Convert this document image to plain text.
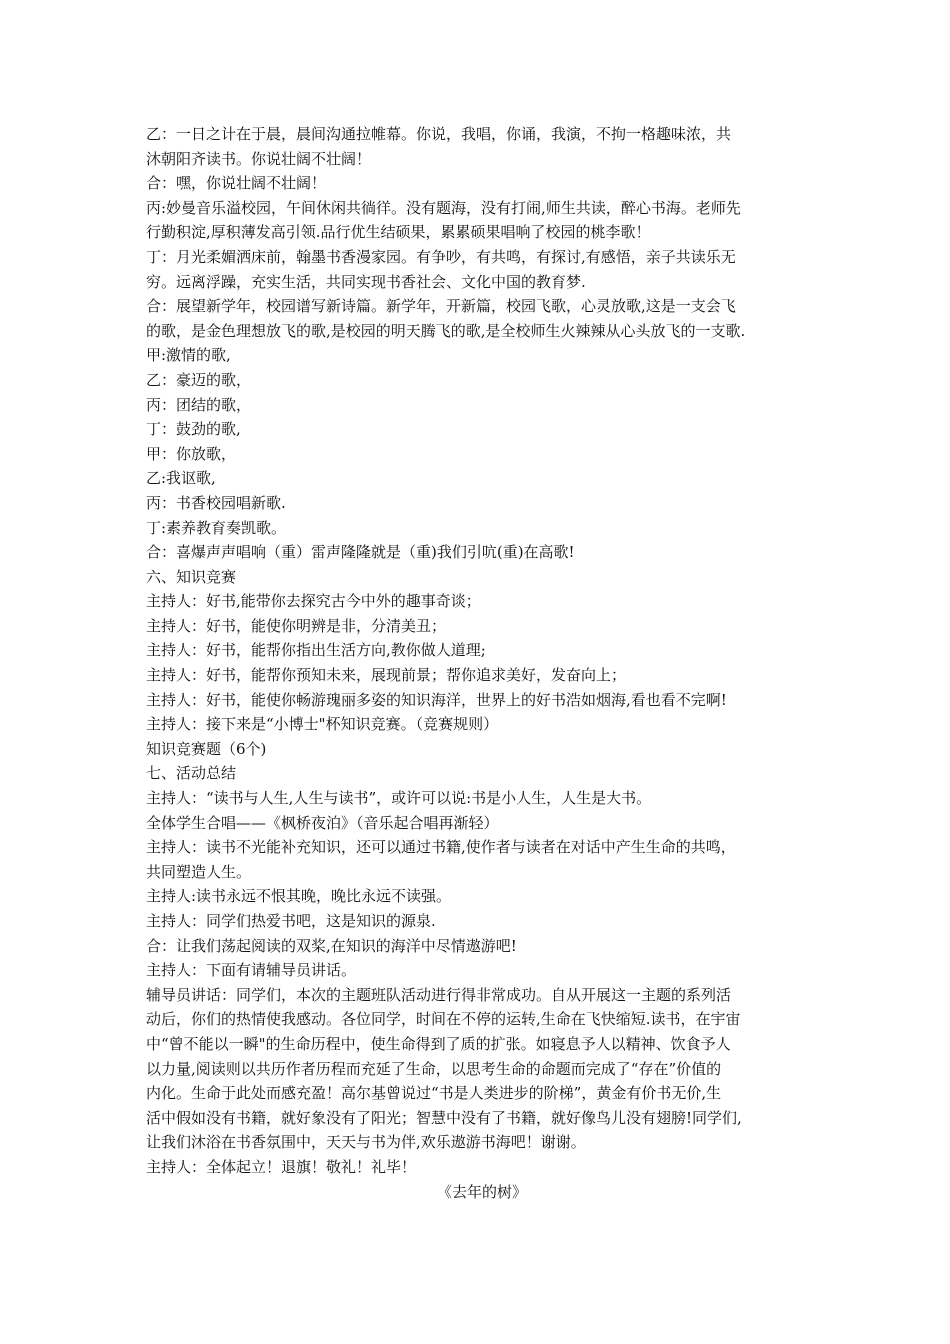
乙：一日之计在于晨，晨间沟通拉帷幕。你说，我唱，你诵，我演，不拘一格趣味浓，共

沐朝阳齐读书。你说壮阔不壮阔！

合：嘿，你说壮阔不壮阔！

丙:妙曼音乐溢校园，午间休闲共徜徉。没有题海，没有打闹,师生共读，醉心书海。老师先

行勤积淀,厚积薄发高引领.品行优生结硕果，累累硕果唱响了校园的桃李歌！

丁：月光柔媚洒床前，翰墨书香漫家园。有争吵，有共鸣，有探讨,有感悟，亲子共读乐无

穷。远离浮躁，充实生活，共同实现书香社会、文化中国的教育梦.

合：展望新学年，校园谱写新诗篇。新学年，开新篇，校园飞歌，心灵放歌,这是一支会飞

的歌，是金色理想放飞的歌,是校园的明天腾飞的歌,是全校师生火辣辣从心头放飞的一支歌.

甲:激情的歌,

乙：豪迈的歌，

丙：团结的歌，

丁：鼓劲的歌,

甲：你放歌，

乙:我讴歌,

丙：书香校园唱新歌.

丁:素养教育奏凯歌。

合：喜爆声声唱响（重）雷声隆隆就是（重)我们引吭(重)在高歌!

六、知识竞赛

主持人：好书,能带你去探究古今中外的趣事奇谈；

主持人：好书，能使你明辨是非，分清美丑；

主持人：好书，能帮你指出生活方向,教你做人道理;

主持人：好书，能帮你预知未来，展现前景；帮你追求美好，发奋向上；

主持人：好书，能使你畅游瑰丽多姿的知识海洋，世界上的好书浩如烟海,看也看不完啊!

主持人：接下来是“小博士"杯知识竞赛。（竞赛规则）

知识竞赛题（6个)

七、活动总结

主持人：“读书与人生,人生与读书”，或许可以说:书是小人生，人生是大书。

全体学生合唱——《枫桥夜泊》（音乐起合唱再渐轻）

主持人：读书不光能补充知识，还可以通过书籍,使作者与读者在对话中产生生命的共鸣，

共同塑造人生。

主持人:读书永远不恨其晚，晚比永远不读强。

主持人：同学们热爱书吧，这是知识的源泉.

合：让我们荡起阅读的双桨,在知识的海洋中尽情遨游吧!

主持人：下面有请辅导员讲话。

辅导员讲话：同学们，本次的主题班队活动进行得非常成功。自从开展这一主题的系列活

动后，你们的热情使我感动。各位同学，时间在不停的运转,生命在飞快缩短.读书，在宇宙

中“曾不能以一瞬"的生命历程中，使生命得到了质的扩张。如寝息予人以精神、饮食予人

以力量,阅读则以共历作者历程而充延了生命，以思考生命的命题而完成了“存在”价值的

内化。生命于此处而感充盈！高尔基曾说过“书是人类进步的阶梯”，黄金有价书无价,生

活中假如没有书籍，就好象没有了阳光；智慧中没有了书籍，就好像鸟儿没有翅膀!同学们,

让我们沐浴在书香氛围中，天天与书为伴,欢乐遨游书海吧！谢谢。

主持人：全体起立！退旗！敬礼！礼毕！

《去年的树》
